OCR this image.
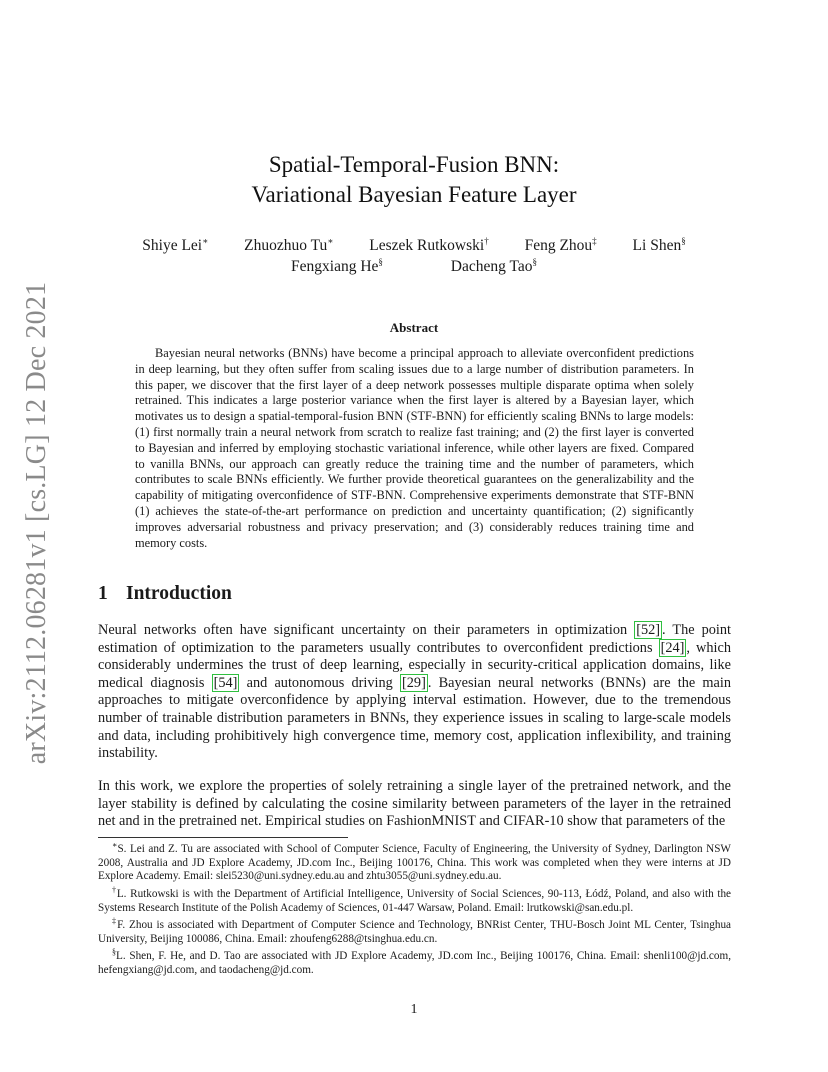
arXiv:2112.06281v1 [cs.LG] 12 Dec 2021
Spatial-Temporal-Fusion BNN:
Variational Bayesian Feature Layer
Shiye Lei∗ Zhuozhuo Tu∗ Leszek Rutkowski† Feng Zhou‡ Li Shen§
Fengxiang He§	Dacheng Tao§
Abstract
Bayesian neural networks (BNNs) have become a principal approach to alleviate overconfident predictions in deep learning, but they often suffer from scaling issues due to a large number of distribution parameters. In this paper, we discover that the first layer of a deep network possesses multiple disparate optima when solely retrained. This indicates a large posterior variance when the first layer is altered by a Bayesian layer, which motivates us to design a spatial-temporal-fusion BNN (STF-BNN) for efficiently scaling BNNs to large models: (1) first normally train a neural network from scratch to realize fast training; and (2) the first layer is converted to Bayesian and inferred by employing stochastic variational inference, while other layers are fixed. Compared to vanilla BNNs, our approach can greatly reduce the training time and the number of parameters, which contributes to scale BNNs efficiently. We further provide theoretical guarantees on the generalizability and the capability of mitigating overconfidence of STF-BNN. Comprehensive experiments demonstrate that STF-BNN (1) achieves the state-of-the-art performance on prediction and uncertainty quantification; (2) significantly improves adversarial robustness and privacy preservation; and (3) considerably reduces training time and memory costs.
1 Introduction
Neural networks often have significant uncertainty on their parameters in optimization [52] . The point estimation of optimization to the parameters usually contributes to overconfident predictions [24] , which considerably undermines the trust of deep learning, especially in security-critical application domains, like medical diagnosis [54] and autonomous driving [29] . Bayesian neural networks (BNNs) are the main approaches to mitigate overconfidence by applying interval estimation. However, due to the tremendous number of trainable distribution parameters in BNNs, they experience issues in scaling to large-scale models and data, including prohibitively high convergence time, memory cost, application inflexibility, and training instability.
In this work, we explore the properties of solely retraining a single layer of the pretrained network, and the layer stability is defined by calculating the cosine similarity between parameters of the layer in the retrained net and in the pretrained net. Empirical studies on FashionMNIST and CIFAR-10 show that parameters of the
∗S. Lei and Z. Tu are associated with School of Computer Science, Faculty of Engineering, the University of Sydney, Darlington NSW 2008, Australia and JD Explore Academy, JD.com Inc., Beijing 100176, China. This work was completed when they were interns at JD Explore Academy. Email: slei5230@uni.sydney.edu.au and zhtu3055@uni.sydney.edu.au.
†L. Rutkowski is with the Department of Artificial Intelligence, University of Social Sciences, 90-113, Łódź, Poland, and also with the Systems Research Institute of the Polish Academy of Sciences, 01-447 Warsaw, Poland. Email: lrutkowski@san.edu.pl.
‡F. Zhou is associated with Department of Computer Science and Technology, BNRist Center, THU-Bosch Joint ML Center, Tsinghua University, Beijing 100086, China. Email: zhoufeng6288@tsinghua.edu.cn.
§L. Shen, F. He, and D. Tao are associated with JD Explore Academy, JD.com Inc., Beijing 100176, China. Email: shenli100@jd.com, hefengxiang@jd.com, and taodacheng@jd.com.
1
